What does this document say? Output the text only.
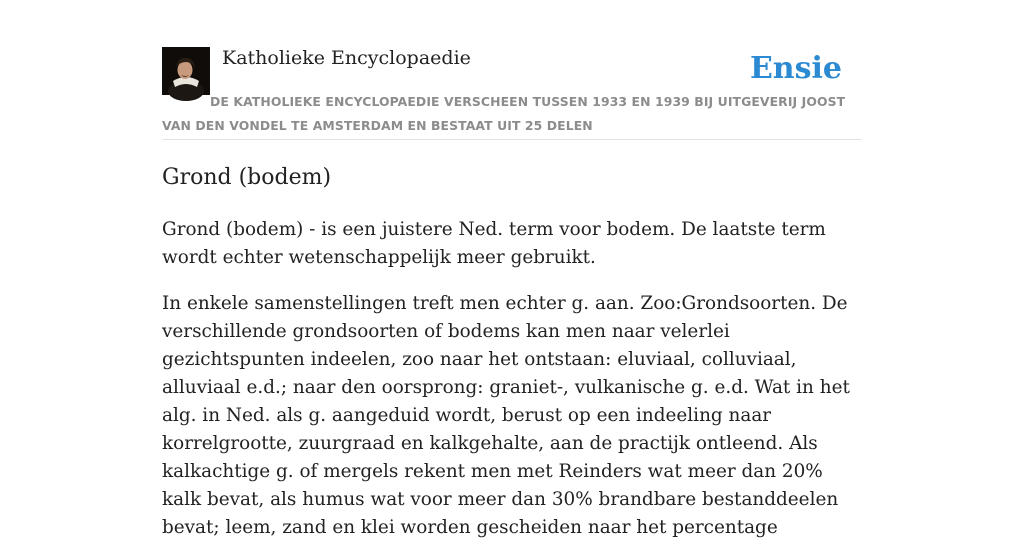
Katholieke Encyclopaedie	Ensie

DE KATHOLIEKE ENCYCLOPAEDIE VERSCHEEN TUSSEN 1933 EN 1939 BIJ UITGEVERIJ JOOST VAN DEN VONDEL TE AMSTERDAM EN BESTAAT UIT 25 DELEN

Grond (bodem)

Grond (bodem) - is een juistere Ned. term voor bodem. De laatste term wordt echter wetenschappelijk meer gebruikt.

In enkele samenstellingen treft men echter g. aan. Zoo:Grondsoorten. De verschillende grondsoorten of bodems kan men naar velerlei gezichtspunten indeelen, zoo naar het ontstaan: eluviaal, colluviaal, alluviaal e.d.; naar den oorsprong: graniet-, vulkanische g. e.d. Wat in het alg. in Ned. als g. aangeduid wordt, berust op een indeeling naar korrelgrootte, zuurgraad en kalkgehalte, aan de practijk ontleend. Als kalkachtige g. of mergels rekent men met Reinders wat meer dan 20% kalk bevat, als humus wat voor meer dan 30% brandbare bestanddeelen bevat; leem, zand en klei worden gescheiden naar het percentage
